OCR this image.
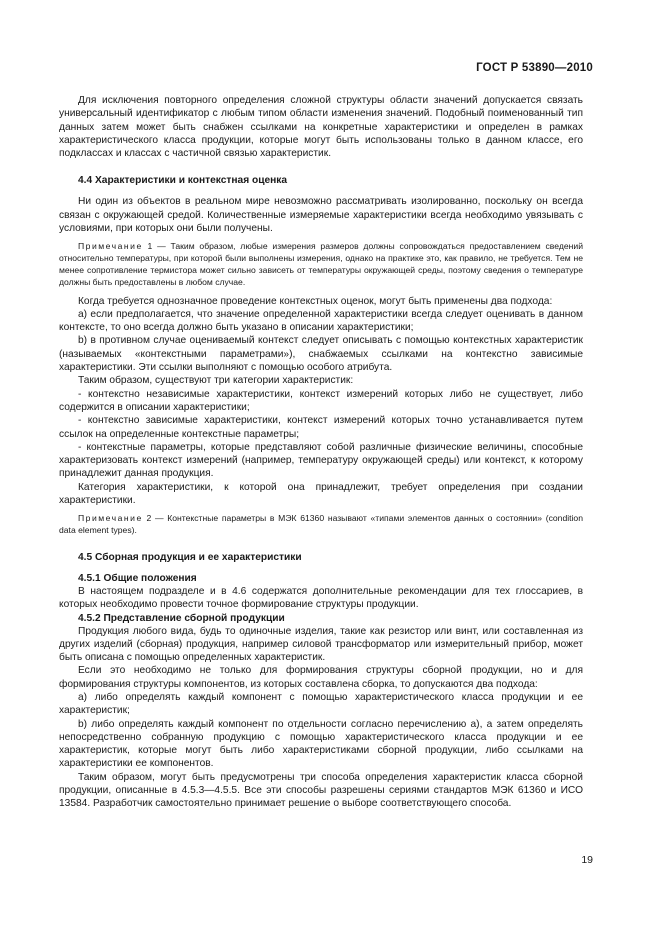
ГОСТ Р 53890—2010

Для исключения повторного определения сложной структуры области значений допускается связать универсальный идентификатор с любым типом области изменения значений. Подобный поименованный тип данных затем может быть снабжен ссылками на конкретные характеристики и определен в рамках характеристического класса продукции, которые могут быть использованы только в данном классе, его подклассах и классах с частичной связью характеристик.

4.4 Характеристики и контекстная оценка

Ни один из объектов в реальном мире невозможно рассматривать изолированно, поскольку он всегда связан с окружающей средой. Количественные измеряемые характеристики всегда необходимо увязывать с условиями, при которых они были получены.

Примечание 1 — Таким образом, любые измерения размеров должны сопровождаться предоставлением сведений относительно температуры, при которой были выполнены измерения, однако на практике это, как правило, не требуется. Тем не менее сопротивление термистора может сильно зависеть от температуры окружающей среды, поэтому сведения о температуре должны быть предоставлены в любом случае.

Когда требуется однозначное проведение контекстных оценок, могут быть применены два подхода:

а) если предполагается, что значение определенной характеристики всегда следует оценивать в данном контексте, то оно всегда должно быть указано в описании характеристики;

b) в противном случае оцениваемый контекст следует описывать с помощью контекстных характеристик (называемых «контекстными параметрами»), снабжаемых ссылками на контекстно зависимые характеристики. Эти ссылки выполняют с помощью особого атрибута.

Таким образом, существуют три категории характеристик:

- контекстно независимые характеристики, контекст измерений которых либо не существует, либо содержится в описании характеристики;

- контекстно зависимые характеристики, контекст измерений которых точно устанавливается путем ссылок на определенные контекстные параметры;

- контекстные параметры, которые представляют собой различные физические величины, способные характеризовать контекст измерений (например, температуру окружающей среды) или контекст, к которому принадлежит данная продукция.

Категория характеристики, к которой она принадлежит, требует определения при создании характеристики.

Примечание 2 — Контекстные параметры в МЭК 61360 называют «типами элементов данных о состоянии» (condition data element types).

4.5 Сборная продукция и ее характеристики
4.5.1 Общие положения

В настоящем подразделе и в 4.6 содержатся дополнительные рекомендации для тех глоссариев, в которых необходимо провести точное формирование структуры продукции.

4.5.2 Представление сборной продукции

Продукция любого вида, будь то одиночные изделия, такие как резистор или винт, или составленная из других изделий (сборная) продукция, например силовой трансформатор или измерительный прибор, может быть описана с помощью определенных характеристик.

Если это необходимо не только для формирования структуры сборной продукции, но и для формирования структуры компонентов, из которых составлена сборка, то допускаются два подхода:

а) либо определять каждый компонент с помощью характеристического класса продукции и ее характеристик;

b) либо определять каждый компонент по отдельности согласно перечислению а), а затем определять непосредственно собранную продукцию с помощью характеристического класса продукции и ее характеристик, которые могут быть либо характеристиками сборной продукции, либо ссылками на характеристики ее компонентов.

Таким образом, могут быть предусмотрены три способа определения характеристик класса сборной продукции, описанные в 4.5.3—4.5.5. Все эти способы разрешены сериями стандартов МЭК 61360 и ИСО 13584. Разработчик самостоятельно принимает решение о выборе соответствующего способа.

19
